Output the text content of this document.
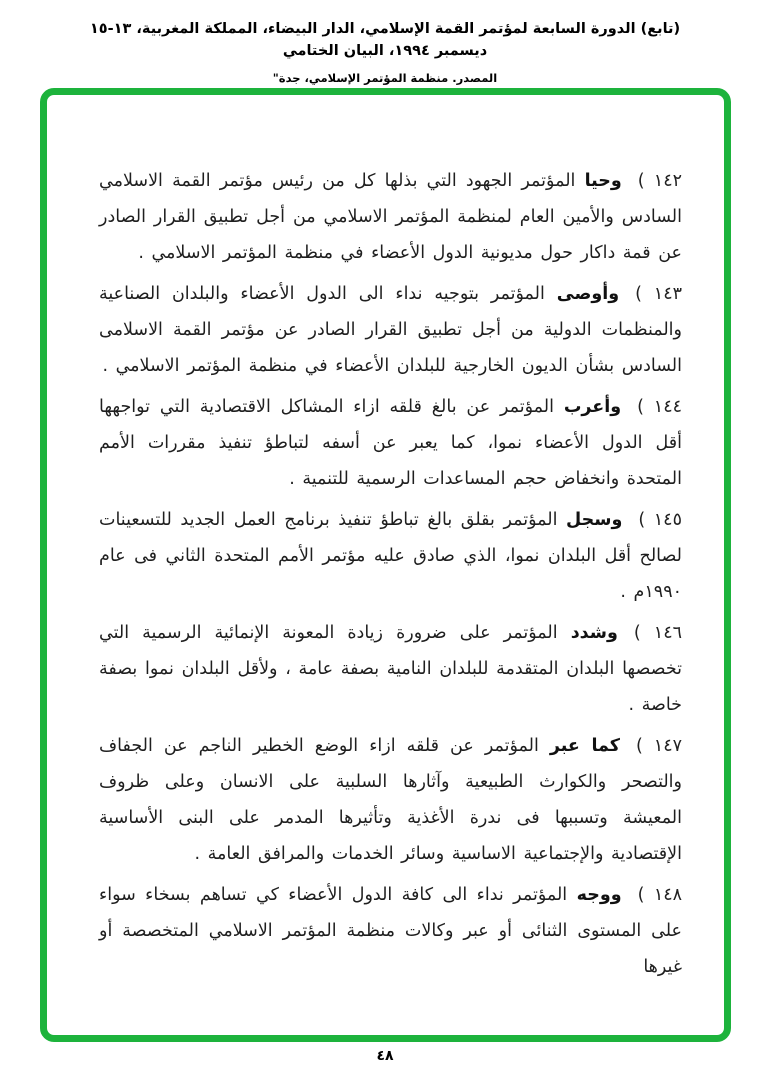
(تابع) الدورة السابعة لمؤتمر القمة الإسلامي، الدار البيضاء، المملكة المغربية، ١٣-١٥ ديسمبر ١٩٩٤، البيان الختامي
المصدر. منظمة المؤتمر الإسلامي، جدة"

١٤٢ )وحيا المؤتمر الجهود التي بذلها كل من رئيس مؤتمر القمة الاسلامي السادس والأمين العام لمنظمة المؤتمر الاسلامي من أجل تطبيق القرار الصادر عن قمة داكار حول مديونية الدول الأعضاء في منظمة المؤتمر الاسلامي .

١٤٣ )وأوصى المؤتمر بتوجيه نداء الى الدول الأعضاء والبلدان الصناعية والمنظمات الدولية من أجل تطبيق القرار الصادر عن مؤتمر القمة الاسلامى السادس بشأن الديون الخارجية للبلدان الأعضاء في منظمة المؤتمر الاسلامي .

١٤٤ )وأعرب المؤتمر عن بالغ قلقه ازاء المشاكل الاقتصادية التي تواجهها أقل الدول الأعضاء نموا، كما يعبر عن أسفه لتباطؤ تنفيذ مقررات الأمم المتحدة وانخفاض حجم المساعدات الرسمية للتنمية .

١٤٥ )وسجل المؤتمر بقلق بالغ تباطؤ تنفيذ برنامج العمل الجديد للتسعينات لصالح أقل البلدان نموا، الذي صادق عليه مؤتمر الأمم المتحدة الثاني فى عام ١٩٩٠م .

١٤٦ )وشدد المؤتمر على ضرورة زيادة المعونة الإنمائية الرسمية التي تخصصها البلدان المتقدمة للبلدان النامية بصفة عامة ، ولأقل البلدان نموا بصفة خاصة .

١٤٧ )كما عبر المؤتمر عن قلقه ازاء الوضع الخطير الناجم عن الجفاف والتصحر والكوارث الطبيعية وآثارها السلبية على الانسان وعلى ظروف المعيشة وتسببها فى ندرة الأغذية وتأثيرها المدمر على البنى الأساسية الإقتصادية والإجتماعية الاساسية وسائر الخدمات والمرافق العامة .

١٤٨ )ووجه المؤتمر نداء الى كافة الدول الأعضاء كي تساهم بسخاء سواء على المستوى الثنائى أو عبر وكالات منظمة المؤتمر الاسلامي المتخصصة أو غيرها

٤٨
